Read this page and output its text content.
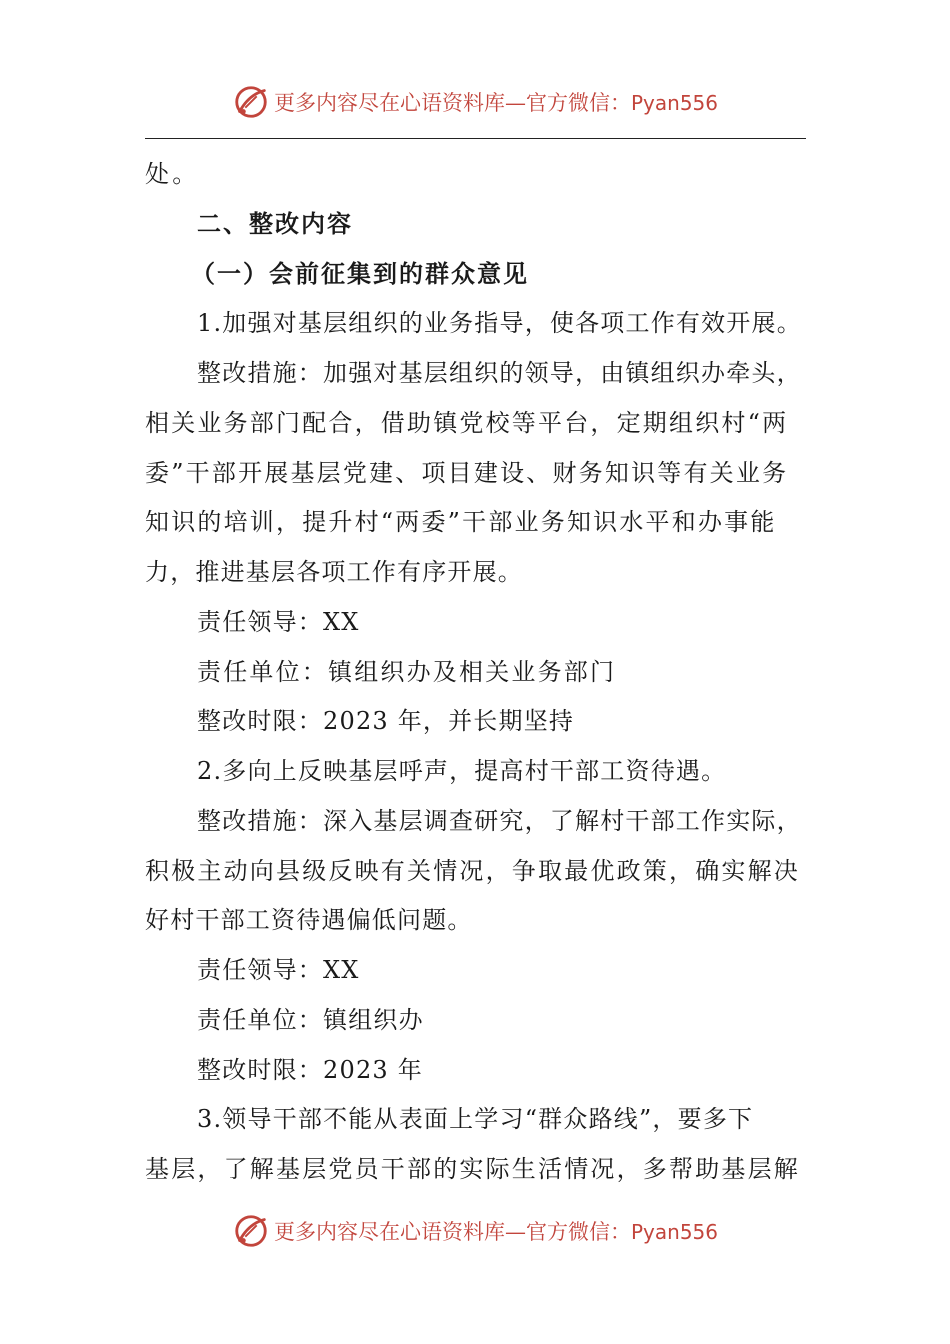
更多内容尽在心语资料库—官方微信：Pyan556
处。
二、整改内容
（一）会前征集到的群众意见
1.加强对基层组织的业务指导，使各项工作有效开展。
整改措施：加强对基层组织的领导，由镇组织办牵头，
相关业务部门配合，借助镇党校等平台，定期组织村“两
委”干部开展基层党建、项目建设、财务知识等有关业务
知识的培训，提升村“两委”干部业务知识水平和办事能
力，推进基层各项工作有序开展。
责任领导：XX
责任单位：镇组织办及相关业务部门
整改时限：2023 年，并长期坚持
2.多向上反映基层呼声，提高村干部工资待遇。
整改措施：深入基层调查研究，了解村干部工作实际，
积极主动向县级反映有关情况，争取最优政策，确实解决
好村干部工资待遇偏低问题。
责任领导：XX
责任单位：镇组织办
整改时限：2023 年
3.领导干部不能从表面上学习“群众路线”，要多下
基层，了解基层党员干部的实际生活情况，多帮助基层解
更多内容尽在心语资料库—官方微信：Pyan556
